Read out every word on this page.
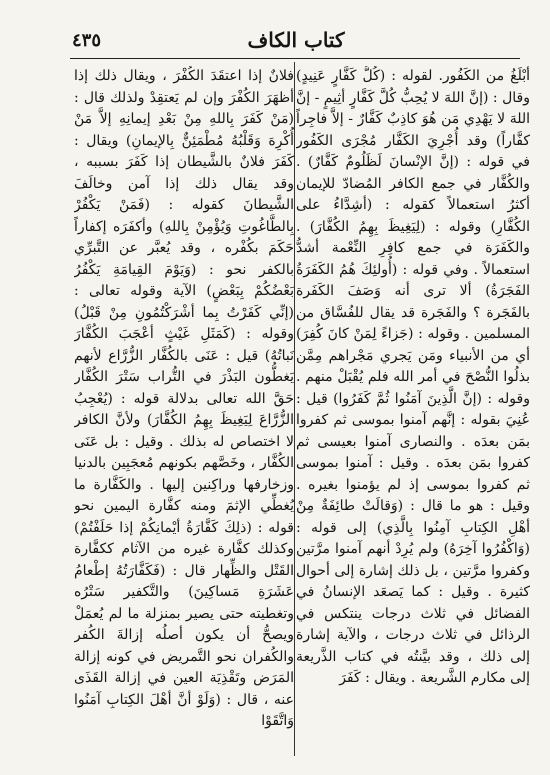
كتاب الكاف
٤٣٥

أبْلَغُ من الكَفُور. لقوله : (كُلُّ كَفَّارٍ عَنِيدٍ) وقال : (إنَّ اللهَ لا يُحِبُّ كُلَّ كَفَّارٍ أثِيمٍ - إنَّ اللهَ لا يَهْدِي مَن هُوَ كاذِبٌ كَفَّارٌ - إلاَّ فاجِراً كفَّاراً) وقد أُجْرِيَ الكَفَّار مُجْرَى الكَفُور في قوله : (إنَّ الإنْسانَ لَظَلُومٌ كَفَّارٌ) . والكُفَّار في جمع الكافر المُضادّ للإيمان أكثرُ استعمالاً كقوله : (أشِدَّاءُ على الكُفَّارِ) وقوله : (لِيَغِيظَ بِهِمُ الكُفَّارَ) . والكَفَرَة في جمع كافِرِ النِّعْمة أشدُّ استعمالاً . وفي قوله : (أُولئِكَ هُمُ الكَفَرَةُ الفَجَرَةُ) ألا ترى أنه وَصَفَ الكَفَرة بالفَجَرة ؟ والفَجَرة قد يقال للفُسَّاق من المسلمين . وقوله : (جَزاءً لِمَنْ كانَ كُفِرَ) أي من الأنبياء ومَن يَجري مَجْراهم مِمَّن بذلُوا النُّصْحَ في أمر الله فلم يُقْبَلْ منهم . وقوله : (إنَّ الَّذِينَ آمَنُوا ثُمَّ كَفَرُوا) قيل : عُنِيَ بقوله : إنَّهم آمنوا بموسى ثم كفروا بمَن بعدَه . والنصارى آمنوا بعيسى ثم كفروا بمَن بعدَه . وقيل : آمنوا بموسى ثم كفروا بموسى إذ لم يؤمنوا بغيره . وقيل : هو ما قال : (وَقالَتْ طائِفَةٌ مِنْ أهْلِ الكِتابِ آمِنُوا بِالَّذِي) إلى قوله : (وَاكْفُرُوا آخِرَهُ) ولم يُرِدْ أنهم آمنوا مرَّتين وكفروا مرَّتين ، بل ذلك إشارة إلى أحوال كثيرة . وقيل : كما يَصعَد الإنسانُ في الفضائل في ثلاث درجات ينتكس في الرذائل في ثلاث درجات ، والآية إشارة إلى ذلك ، وقد بيَّنتُه في كتاب الذَّريعة إلى مكارم الشَّريعة . ويقال : كَفَرَ

فلانٌ إذا اعتقَدَ الكُفْرَ ، ويقال ذلك إذا أظهَرَ الكُفْرَ وإن لم يَعتقِدْ ولذلك قال : (مَنْ كَفَرَ بِاللهِ مِنْ بَعْدِ إيمانِهِ إلاَّ مَنْ أُكْرِهَ وَقَلْبُهُ مُطْمَئِنٌّ بِالإيمانِ) ويقال : كَفَرَ فلانٌ بالشَّيطان إذا كَفَرَ بسببه ، وقد يقال ذلك إذا آمن وخالَفَ الشَّيطانَ كقوله : (فَمَنْ يَكْفُرْ بِالطَّاغُوتِ وَيُؤْمِنْ بِاللهِ) وأكفَرَه إكفاراً حَكَمَ بكُفْره ، وقد يُعبَّر عن التَّبرِّي بالكفر نحو : (وَيَوْمَ القِيامَةِ يَكْفُرُ بَعْضُكُمْ بِبَعْضٍ) الآية وقوله تعالى : (إنِّي كَفَرْتُ بِما أشْرَكْتُمُونِ مِنْ قَبْلُ) وقوله : (كَمَثَلِ غَيْثٍ أعْجَبَ الكُفَّارَ نَباتُهُ) قيل : عَنَى بالكُفَّار الزُّرَّاع لأنهم يَغطُّون البَذْرَ في التُّراب سَتْرَ الكُفَّار حَقَّ الله تعالى بدلالة قوله : (يُعْجِبُ الزُّرَّاعَ لِيَغِيظَ بِهِمُ الكُفَّارَ) ولأنَّ الكافر لا اختصاص له بذلك . وقيل : بل عَنَى الكُفَّار ، وخَصَّهم بكونهم مُعجَبِين بالدنيا وزخارفها وراكِنين إليها . والكَفَّارة ما يُغطِّي الإثمَ ومنه كفَّارة اليمين نحو قوله : (ذلِكَ كَفَّارَةُ أيْمانِكُمْ إذا حَلَفْتُمْ) وكذلك كفَّارة غيره من الآثام ككفَّارة القَتْل والظِّهار قال : (فَكَفَّارَتُهُ إطْعامُ عَشَرَةِ مَساكِينَ) والتَّكفير سَتْرُه وتغطيته حتى يصير بمنزلة ما لم يُعمَلْ ويصحُّ أن يكون أصلُه إزالةَ الكُفر والكُفران نحو التَّمريض في كونه إزالة المَرَض وتَقْذِيَة العين في إزالة القَذَى عنه ، قال : (وَلَوْ أنَّ أهْلَ الكِتابِ آمَنُوا وَاتَّقَوْا
